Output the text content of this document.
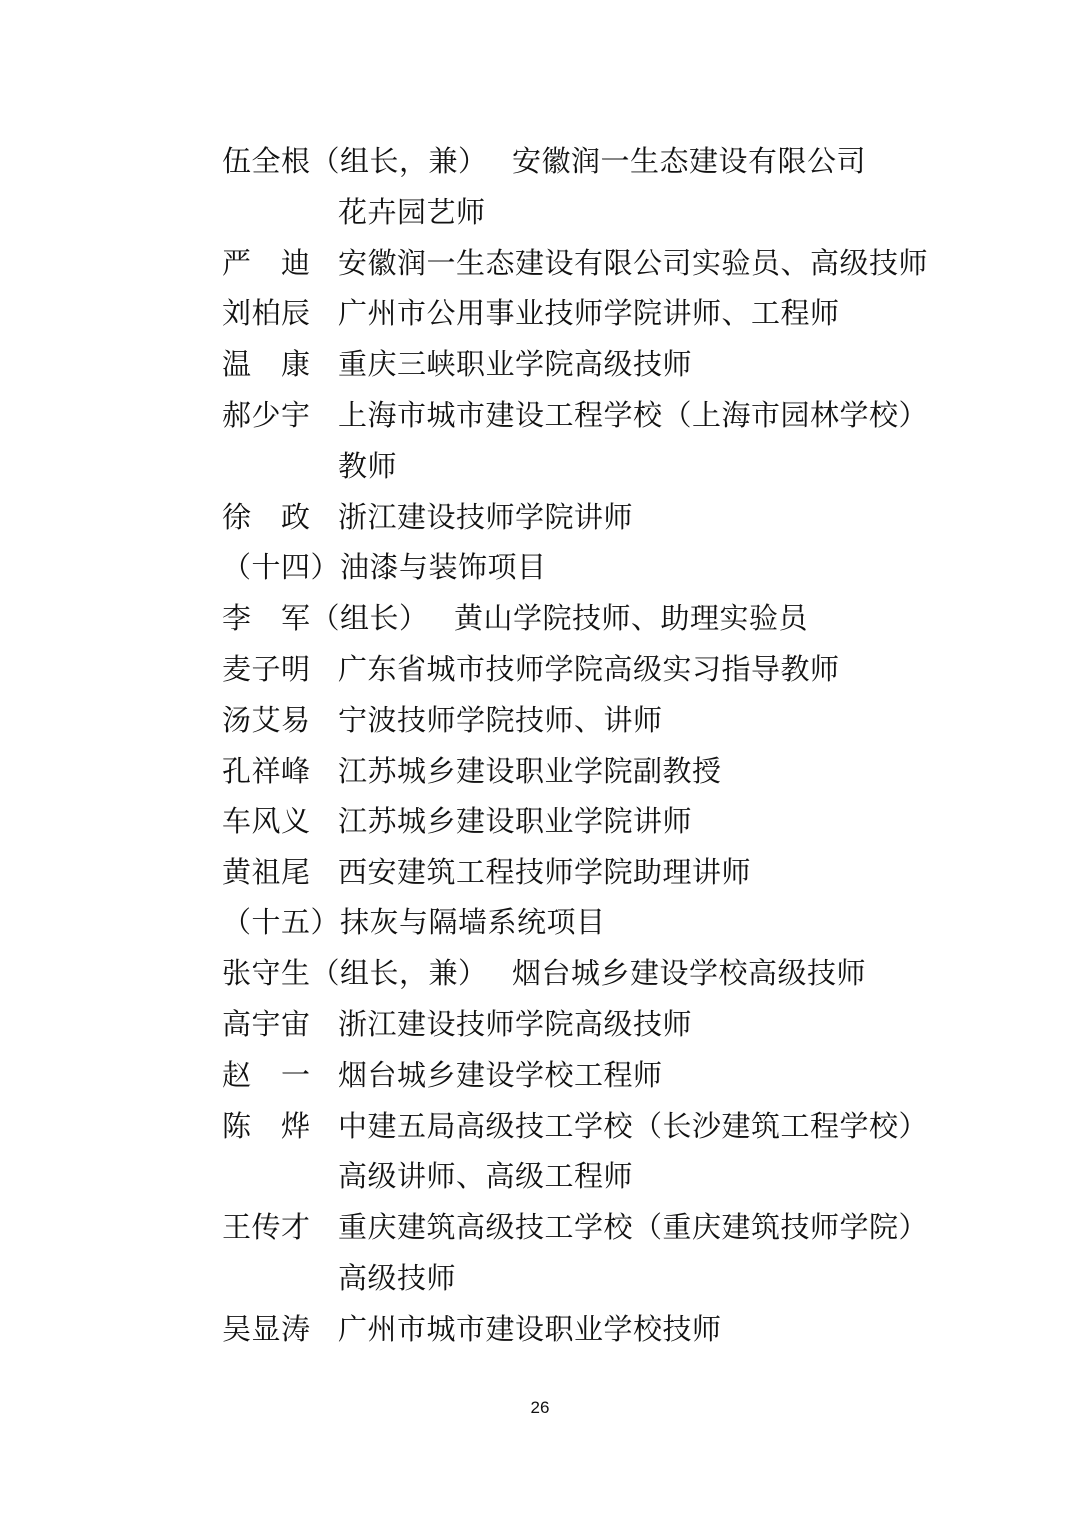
伍全根（组长，兼） 安徽润一生态建设有限公司
花卉园艺师
严　迪 安徽润一生态建设有限公司实验员、高级技师
刘柏辰 广州市公用事业技师学院讲师、工程师
温　康 重庆三峡职业学院高级技师
郝少宇 上海市城市建设工程学校（上海市园林学校）
教师
徐　政 浙江建设技师学院讲师
（十四）油漆与装饰项目
李　军（组长） 黄山学院技师、助理实验员
麦子明 广东省城市技师学院高级实习指导教师
汤艾易 宁波技师学院技师、讲师
孔祥峰 江苏城乡建设职业学院副教授
车风义 江苏城乡建设职业学院讲师
黄祖尾 西安建筑工程技师学院助理讲师
（十五）抹灰与隔墙系统项目
张守生（组长，兼） 烟台城乡建设学校高级技师
高宇宙 浙江建设技师学院高级技师
赵　一 烟台城乡建设学校工程师
陈　烨 中建五局高级技工学校（长沙建筑工程学校）
高级讲师、高级工程师
王传才 重庆建筑高级技工学校（重庆建筑技师学院）
高级技师
吴显涛 广州市城市建设职业学校技师
26
